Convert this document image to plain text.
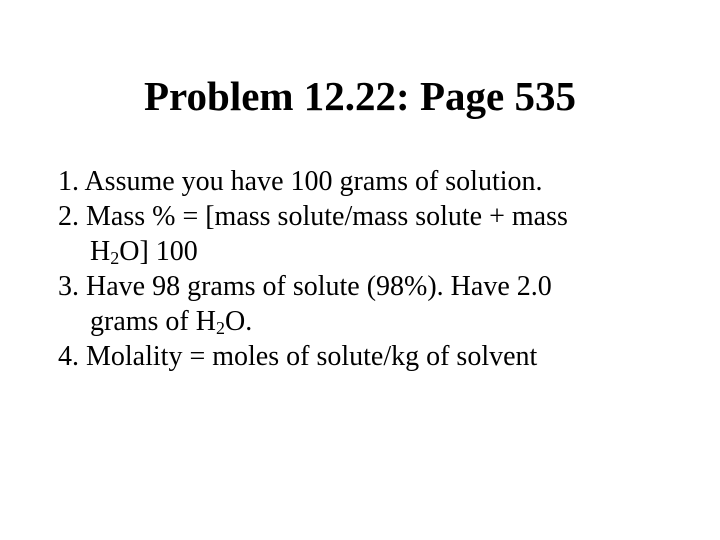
Problem 12.22: Page 535
1. Assume you have 100 grams of solution.
2. Mass % = [mass solute/mass solute + mass
$H_2O$] 100
3. Have 98 grams of solute (98%). Have 2.0
grams of $H_2O$.
4. Molality = moles of solute/kg of solvent
